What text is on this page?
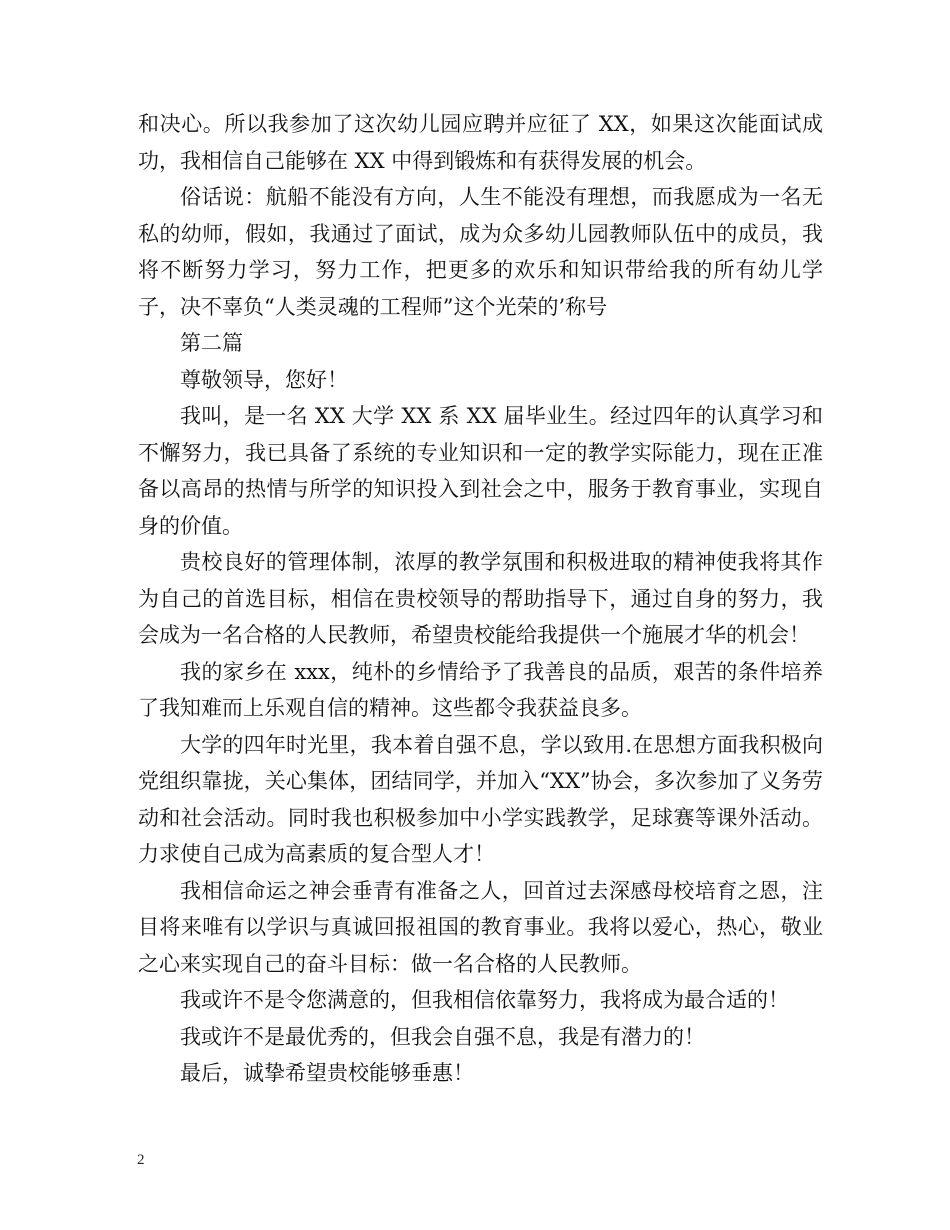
和决心。所以我参加了这次幼儿园应聘并应征了 XX，如果这次能面试成功，我相信自己能够在 XX 中得到锻炼和有获得发展的机会。

俗话说：航船不能没有方向，人生不能没有理想，而我愿成为一名无私的幼师，假如，我通过了面试，成为众多幼儿园教师队伍中的成员，我将不断努力学习，努力工作，把更多的欢乐和知识带给我的所有幼儿学子，决不辜负“人类灵魂的工程师”这个光荣的’称号

第二篇

尊敬领导，您好！

我叫，是一名 XX 大学 XX 系 XX 届毕业生。经过四年的认真学习和不懈努力，我已具备了系统的专业知识和一定的教学实际能力，现在正准备以高昂的热情与所学的知识投入到社会之中，服务于教育事业，实现自身的价值。

贵校良好的管理体制，浓厚的教学氛围和积极进取的精神使我将其作为自己的首选目标，相信在贵校领导的帮助指导下，通过自身的努力，我会成为一名合格的人民教师，希望贵校能给我提供一个施展才华的机会！

我的家乡在 xxx，纯朴的乡情给予了我善良的品质，艰苦的条件培养了我知难而上乐观自信的精神。这些都令我获益良多。

大学的四年时光里，我本着自强不息，学以致用.在思想方面我积极向党组织靠拢，关心集体，团结同学，并加入“XX”协会，多次参加了义务劳动和社会活动。同时我也积极参加中小学实践教学，足球赛等课外活动。力求使自己成为高素质的复合型人才！

我相信命运之神会垂青有准备之人，回首过去深感母校培育之恩，注目将来唯有以学识与真诚回报祖国的教育事业。我将以爱心，热心，敬业之心来实现自己的奋斗目标：做一名合格的人民教师。

我或许不是令您满意的，但我相信依靠努力，我将成为最合适的！

我或许不是最优秀的，但我会自强不息，我是有潜力的！

最后，诚挚希望贵校能够垂惠！

2
